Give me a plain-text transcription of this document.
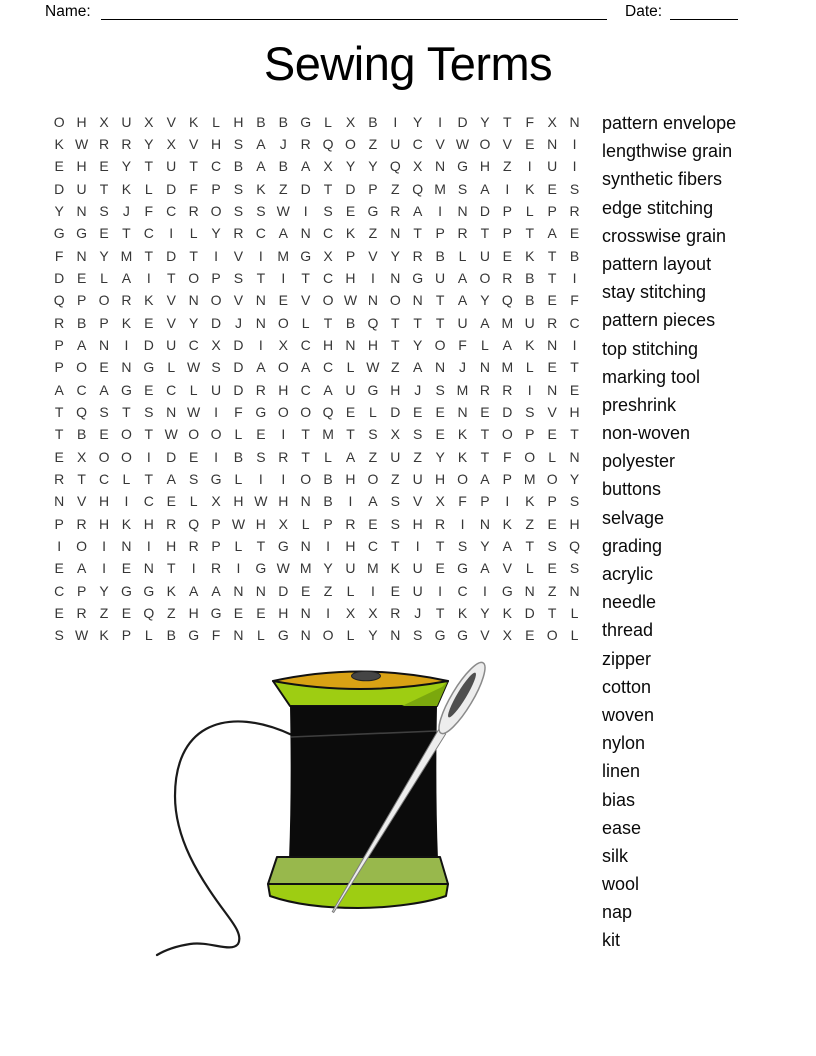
Name:	Date:
Sewing Terms
O H X U X V K L H B B G L X B	I	Y	I	D Y T F X N
K W R R Y X V H S A	J R Q O Z U C V W O V E N	I
E H E Y T U T C B A B A X Y Y Q X N G H Z	I	U	I
D U T K L D F P S K Z D T D P Z Q M S A	I	K E S
Y N S	J	F C R O S S W I	S E G R A	I	N D P L P R
G G E T C	I	L Y R C A N C K Z N T P R T P T A E
F N Y M T D T	I	V	I	M G X P V Y R B L U E K T B
D E L A	I	T O P S T	I	T C H	I	N G U A O R B T	I
Q P O R K V N O V N E V O W N O N T A Y Q B E F
R B P K E V Y D J N O L	T B Q T T T U A M U R C
P A N	I	D U C X D	I	X C H N H T Y O F	L A K N	I
P O E N G L W S D A O A C L W Z A N J N M L E T
A C A G E C L U D R H C A U G H J	S M R R	I	N E
T Q S T S N W I	F G O O Q E L D E E N E D S V H
T B E O T W O O L E	I	T M T S X S E K T O P E T
E X O O	I	D E	I	B S R T	L A Z U Z Y K T F O L N
R T C L	T A S G L	I	I	O B H O Z U H O A P M O Y
N V H	I	C E L X H W H N B	I	A S V X F P	I	K P S
P R H K H R Q P W H X L P R E S H R	I	N K Z E H
I	O	I	N	I	H R P L	T G N	I	H C T	I	T S Y A T S Q
E A	I	E N T	I	R	I	G W M Y U M K U E G A V L E S
C P Y G G K A A N N D E Z	L	I	E U	I	C	I	G N Z N
E R Z E Q Z H G E E H N	I	X X R J	T K Y K D T	L
S W K P L B G F N L G N O L Y N S G G V X E O L
pattern envelope
lengthwise grain
synthetic fibers
edge stitching
crosswise grain
pattern layout
stay stitching
pattern pieces
top stitching
marking tool
preshrink
non-woven
polyester
buttons
selvage
grading
acrylic
needle
thread
zipper
cotton
woven
nylon
linen
bias
ease
silk
wool
nap
kit
